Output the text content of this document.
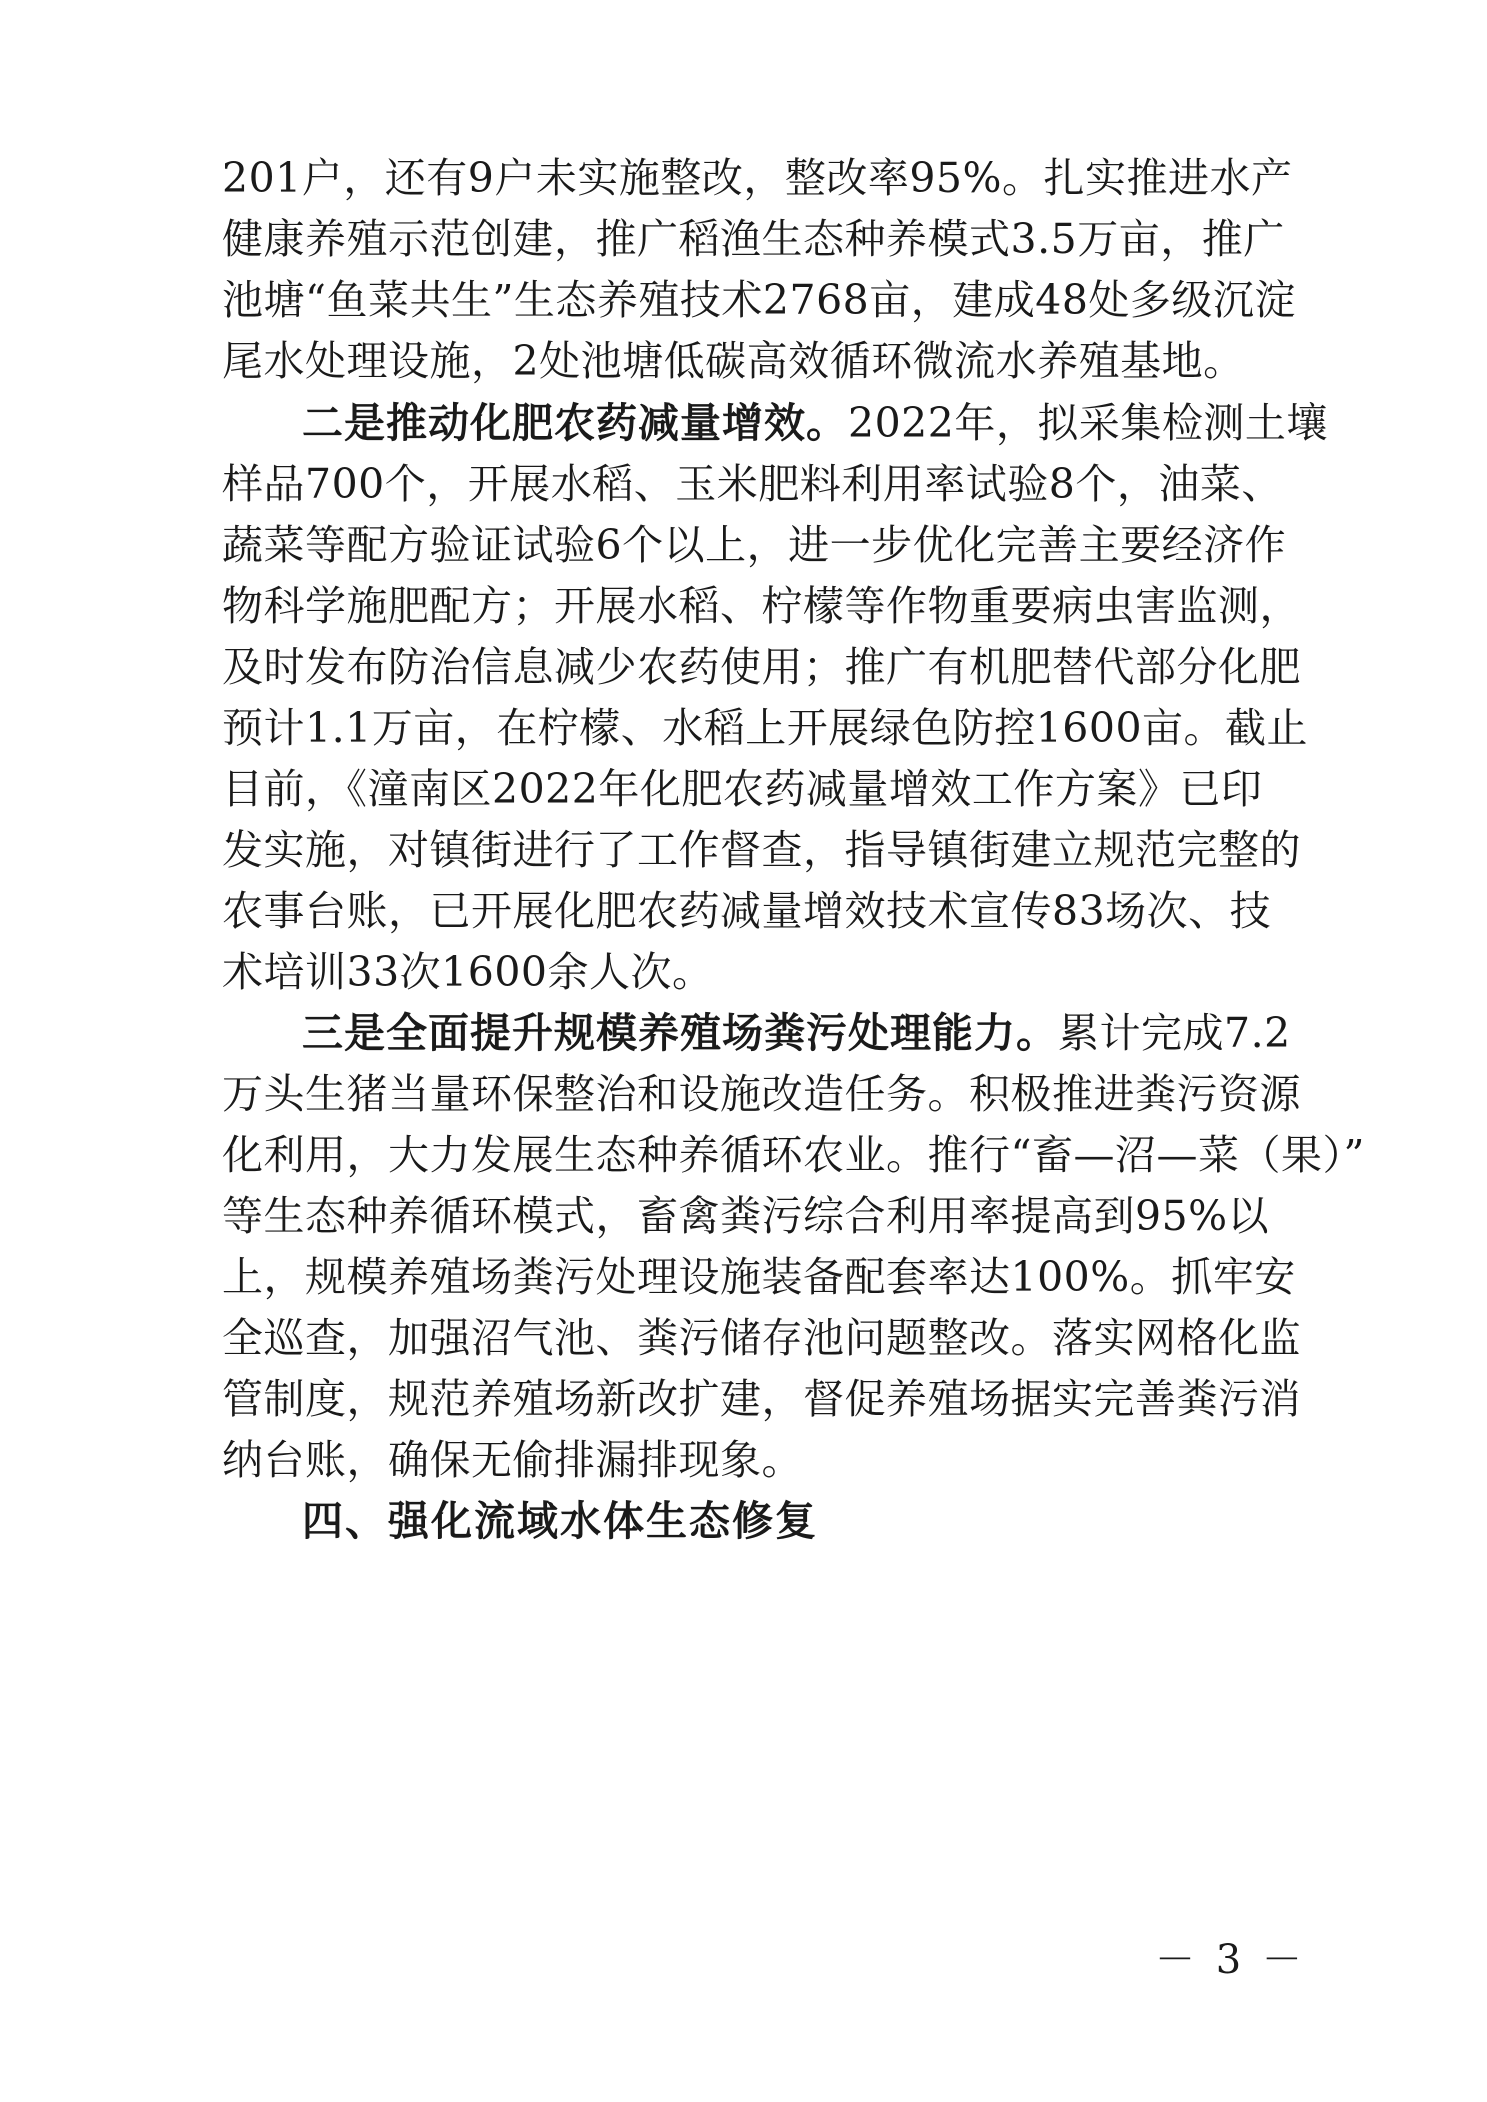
201户，还有9户未实施整改，整改率95%。扎实推进水产
健康养殖示范创建，推广稻渔生态种养模式3.5万亩，推广
池塘“鱼菜共生”生态养殖技术2768亩，建成48处多级沉淀
尾水处理设施，2处池塘低碳高效循环微流水养殖基地。
二是推动化肥农药减量增效。2022年，拟采集检测土壤
样品700个，开展水稻、玉米肥料利用率试验8个，油菜、
蔬菜等配方验证试验6个以上，进一步优化完善主要经济作
物科学施肥配方；开展水稻、柠檬等作物重要病虫害监测，
及时发布防治信息减少农药使用；推广有机肥替代部分化肥
预计1.1万亩，在柠檬、水稻上开展绿色防控1600亩。截止
目前，《潼南区2022年化肥农药减量增效工作方案》已印
发实施，对镇街进行了工作督查，指导镇街建立规范完整的
农事台账，已开展化肥农药减量增效技术宣传83场次、技
术培训33次1600余人次。
三是全面提升规模养殖场粪污处理能力。累计完成7.2
万头生猪当量环保整治和设施改造任务。积极推进粪污资源
化利用，大力发展生态种养循环农业。推行“畜—沼—菜（果）”
等生态种养循环模式，畜禽粪污综合利用率提高到95%以
上，规模养殖场粪污处理设施装备配套率达100%。抓牢安
全巡查，加强沼气池、粪污储存池问题整改。落实网格化监
管制度，规范养殖场新改扩建，督促养殖场据实完善粪污消
纳台账，确保无偷排漏排现象。
四、强化流域水体生态修复
－ 3 －
